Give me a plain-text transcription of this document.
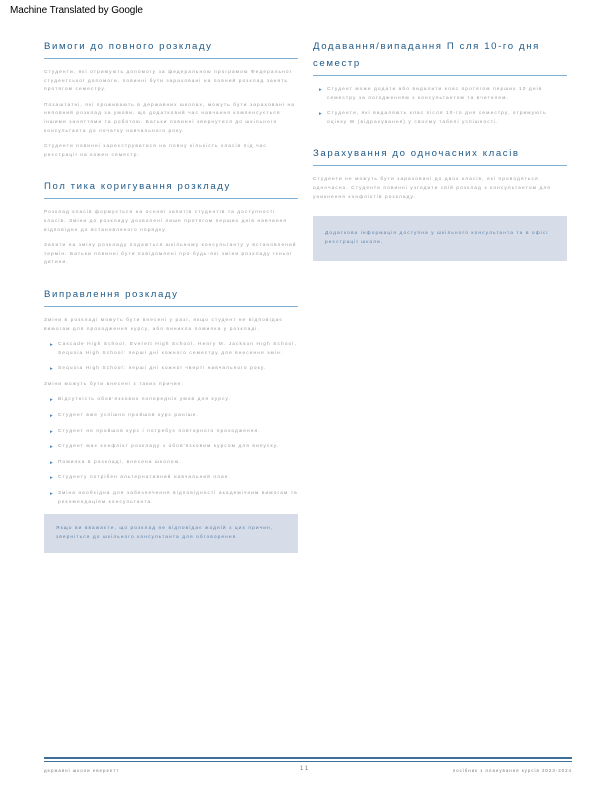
Machine Translated by Google
Вимоги до повного розкладу

Студенти, які отримують допомогу за федеральною програмою Федеральної студентської допомоги, повинні бути зараховані на повний розклад занять протягом семестру.

Позаштатні, які проживають в державних школах, можуть бути зараховані на неповний розклад за умови, що додатковий час навчання компенсується іншими заняттями та роботою. Батьки повинні звернутися до шкільного консультанта до початку навчального року.

Студенти повинні зареєструватися на повну кількість класів під час реєстрації на кожен семестр.

Пол тика коригування розкладу

Розклад класів формується на основі запитів студентів та доступності класів. Зміни до розкладу дозволені лише протягом перших днів навчання відповідно до встановленого порядку.

Запити на зміну розкладу подаються шкільному консультанту у встановлений термін. Батьки повинні бути повідомлені про будь-які зміни розкладу їхньої дитини.

Виправлення розкладу

Зміни в розкладі можуть бути внесені у разі, якщо студент не відповідає вимогам для проходження курсу, або виникла помилка у розкладі.

▸ Cascade High School, Everett High School, Henry M. Jackson High School, Sequoia High School: перші дні кожного семестру для внесення змін.
▸ Sequoia High School: перші дні кожної чверті навчального року.

Зміни можуть бути внесені з таких причин:

▸ Відсутність обов'язкових попередніх умов для курсу.
▸ Студент вже успішно пройшов курс раніше.
▸ Студент не пройшов курс і потребує повторного проходження.
▸ Студент має конфлікт розкладу з обов'язковим курсом для випуску.
▸ Помилка в розкладі, внесена школою.
▸ Студенту потрібен альтернативний навчальний план.
▸ Зміна необхідна для забезпечення відповідності академічним вимогам та рекомендаціям консультанта.
Якщо ви вважаєте, що розклад не відповідає жодній з цих причин, зверніться до шкільного консультанта для обговорення.
Додавання/випадання П сля 10-го дня семестр
▸ Студент може додати або видалити клас протягом перших 10 днів семестру за погодженням з консультантом та вчителем.
▸ Студенти, які видаляють клас після 10-го дня семестру, отримують оцінку W (відрахування) у своєму табелі успішності.
Зарахування до одночасних класів

Студенти не можуть бути зараховані до двох класів, які проводяться одночасно. Студенти повинні узгодити свій розклад з консультантом для уникнення конфліктів розкладу.

Додаткова інформація доступна у шкільного консультанта та в офісі реєстрації школи.
державні школи евереетт	11	посібник з планування курсів 2023-2024
